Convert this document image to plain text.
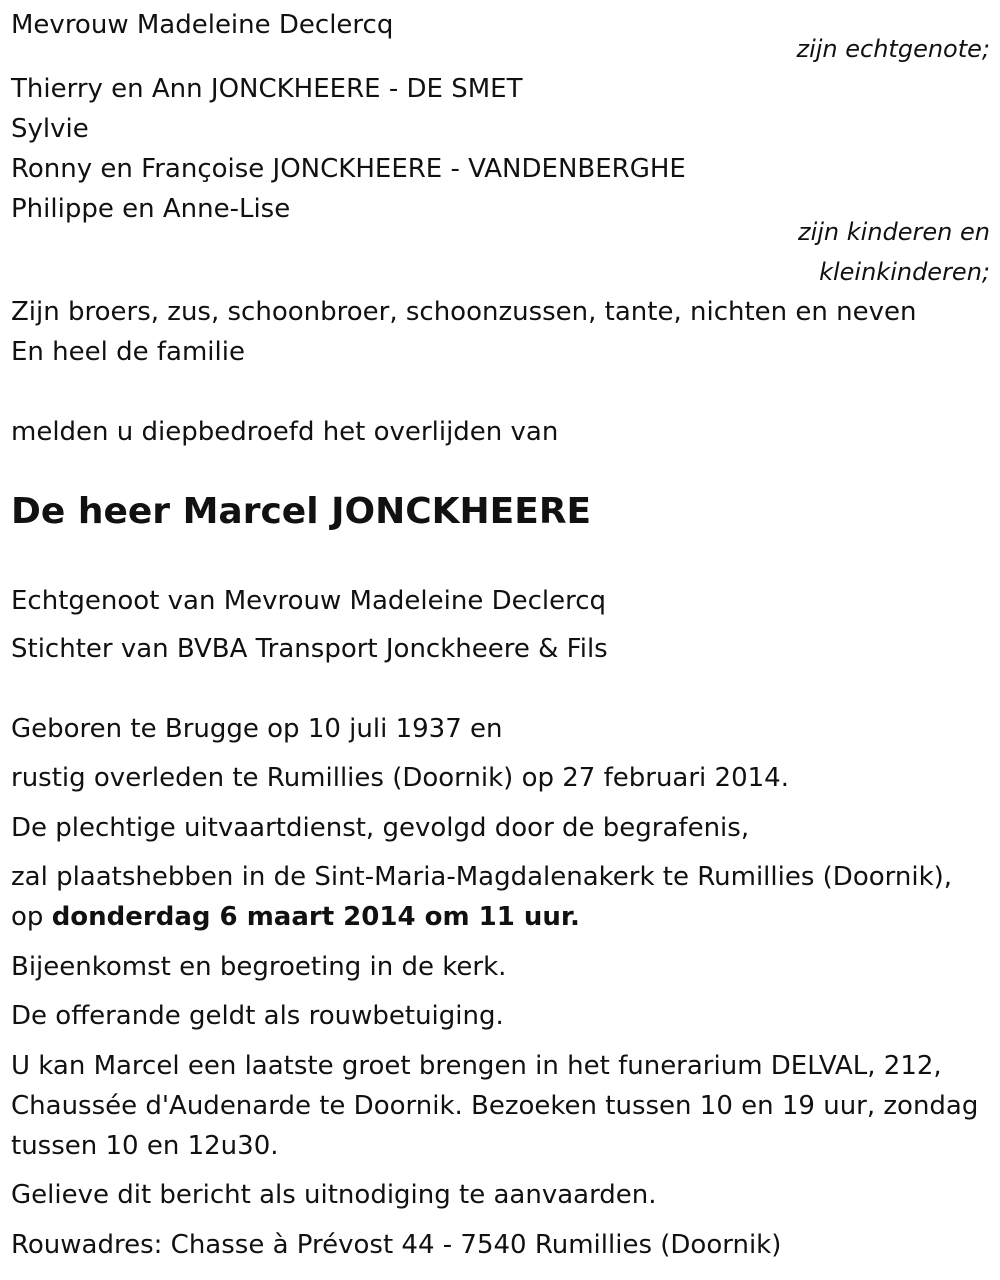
Mevrouw Madeleine Declercq
zijn echtgenote;
Thierry en Ann JONCKHEERE - DE SMET
Sylvie
Ronny en Françoise JONCKHEERE - VANDENBERGHE
Philippe en Anne-Lise
zijn kinderen en
kleinkinderen;
Zijn broers, zus, schoonbroer, schoonzussen, tante, nichten en neven
En heel de familie
melden u diepbedroefd het overlijden van
De heer Marcel JONCKHEERE
Echtgenoot van Mevrouw Madeleine Declercq
Stichter van BVBA Transport Jonckheere & Fils
Geboren te Brugge op 10 juli 1937 en
rustig overleden te Rumillies (Doornik) op 27 februari 2014.
De plechtige uitvaartdienst, gevolgd door de begrafenis,
zal plaatshebben in de Sint-Maria-Magdalenakerk te Rumillies (Doornik),
op donderdag 6 maart 2014 om 11 uur.
Bijeenkomst en begroeting in de kerk.
De offerande geldt als rouwbetuiging.
U kan Marcel een laatste groet brengen in het funerarium DELVAL, 212,
Chaussée d'Audenarde te Doornik. Bezoeken tussen 10 en 19 uur, zondag
tussen 10 en 12u30.
Gelieve dit bericht als uitnodiging te aanvaarden.
Rouwadres: Chasse à Prévost 44 - 7540 Rumillies (Doornik)
